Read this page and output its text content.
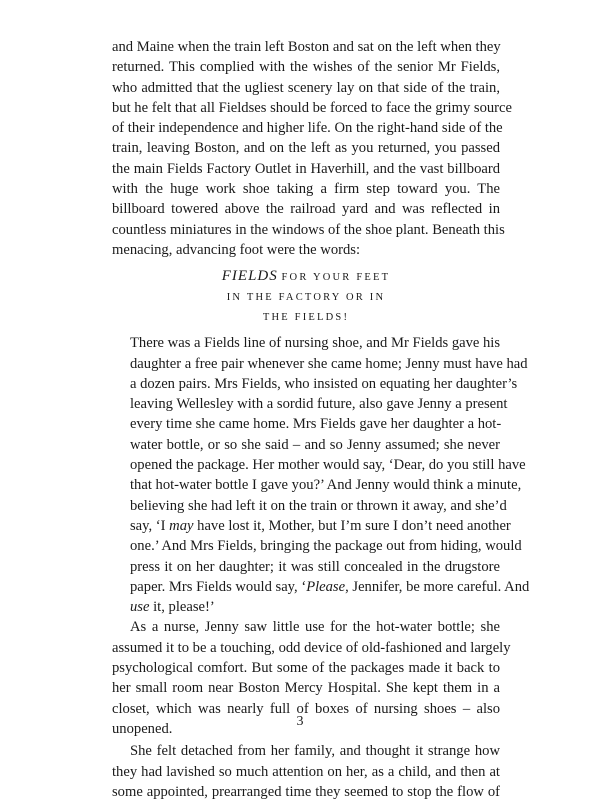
and Maine when the train left Boston and sat on the left when they
returned. This complied with the wishes of the senior Mr Fields,
who admitted that the ugliest scenery lay on that side of the train,
but he felt that all Fieldses should be forced to face the grimy source
of their independence and higher life. On the right-hand side of the
train, leaving Boston, and on the left as you returned, you passed
the main Fields Factory Outlet in Haverhill, and the vast billboard
with the huge work shoe taking a firm step toward you. The
billboard towered above the railroad yard and was reflected in
countless miniatures in the windows of the shoe plant. Beneath this
menacing, advancing foot were the words:

FIELDS FOR YOUR FEET
IN THE FACTORY OR IN
THE FIELDS!

There was a Fields line of nursing shoe, and Mr Fields gave his
daughter a free pair whenever she came home; Jenny must have had
a dozen pairs. Mrs Fields, who insisted on equating her daughter’s
leaving Wellesley with a sordid future, also gave Jenny a present
every time she came home. Mrs Fields gave her daughter a hot-
water bottle, or so she said – and so Jenny assumed; she never
opened the package. Her mother would say, ‘Dear, do you still have
that hot-water bottle I gave you?’ And Jenny would think a minute,
believing she had left it on the train or thrown it away, and she’d
say, ‘I may have lost it, Mother, but I’m sure I don’t need another
one.’ And Mrs Fields, bringing the package out from hiding, would
press it on her daughter; it was still concealed in the drugstore
paper. Mrs Fields would say, ‘Please, Jennifer, be more careful. And
use it, please!’

As a nurse, Jenny saw little use for the hot-water bottle; she
assumed it to be a touching, odd device of old-fashioned and largely
psychological comfort. But some of the packages made it back to
her small room near Boston Mercy Hospital. She kept them in a
closet, which was nearly full of boxes of nursing shoes – also
unopened.

She felt detached from her family, and thought it strange how
they had lavished so much attention on her, as a child, and then at
some appointed, prearranged time they seemed to stop the flow of

3
